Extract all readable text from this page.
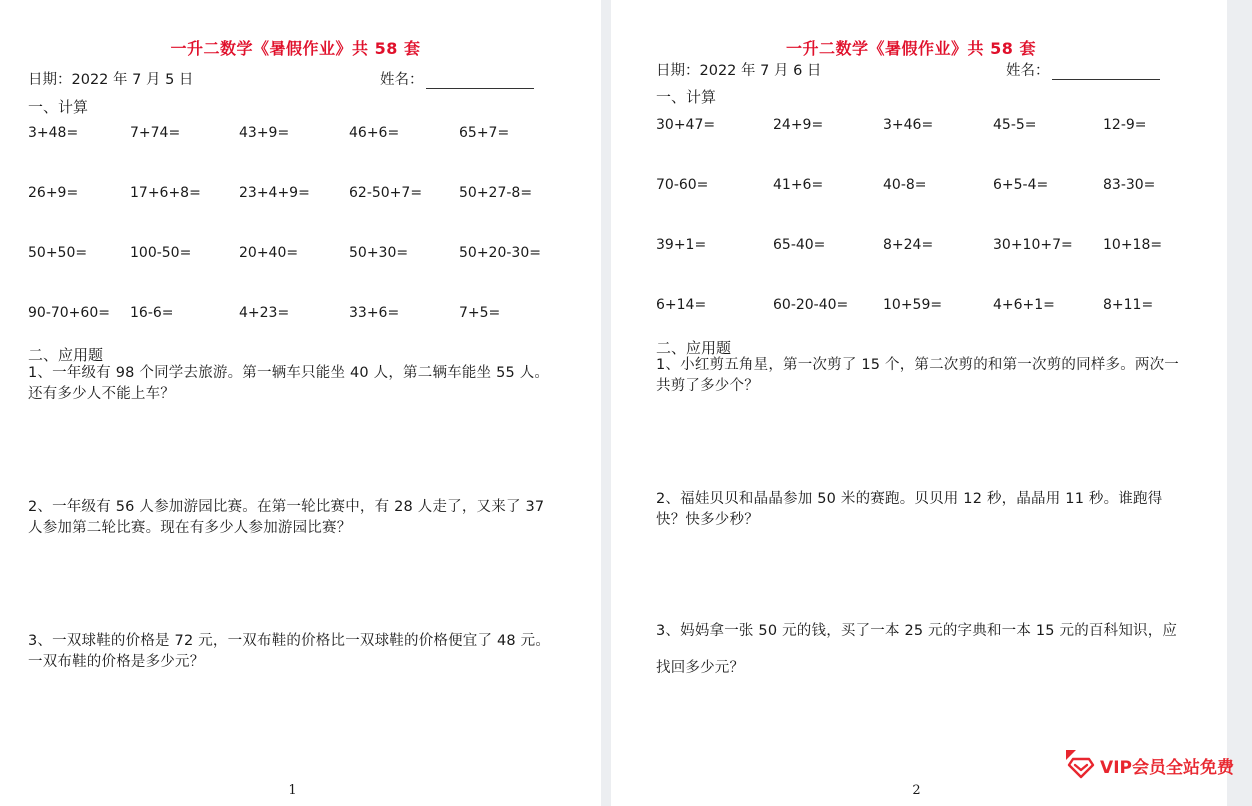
一升二数学《暑假作业》共 58 套
日期：2022 年 7 月 5 日	姓名：
一、计算
3+48=	7+74=	43+9=	46+6=	65+7=
26+9=	17+6+8=	23+4+9=	62-50+7=	50+27-8=
50+50=	100-50=	20+40=	50+30=	50+20-30=
90-70+60= 16-6=	4+23=	33+6=	7+5=
二、应用题
1、一年级有 98 个同学去旅游。第一辆车只能坐 40 人，第二辆车能坐 55 人。还有多少人不能上车？
2、一年级有 56 人参加游园比赛。在第一轮比赛中，有 28 人走了，又来了 37 人参加第二轮比赛。现在有多少人参加游园比赛？
3、一双球鞋的价格是 72 元，一双布鞋的价格比一双球鞋的价格便宜了 48 元。一双布鞋的价格是多少元？
1
一升二数学《暑假作业》共 58 套
日期：2022 年 7 月 6 日	姓名：
一、计算
30+47=	24+9=	3+46=	45-5=	12-9=
70-60=	41+6=	40-8=	6+5-4=	83-30=
39+1=	65-40=	8+24=	30+10+7= 10+18=
6+14=	60-20-40= 10+59=	4+6+1=	8+11=
二、应用题
1、小红剪五角星，第一次剪了 15 个，第二次剪的和第一次剪的同样多。两次一共剪了多少个？
2、福娃贝贝和晶晶参加 50 米的赛跑。贝贝用 12 秒，晶晶用 11 秒。谁跑得快？快多少秒？
3、妈妈拿一张 50 元的钱，买了一本 25 元的字典和一本 15 元的百科知识，应找回多少元？
2
VIP会员全站免费
